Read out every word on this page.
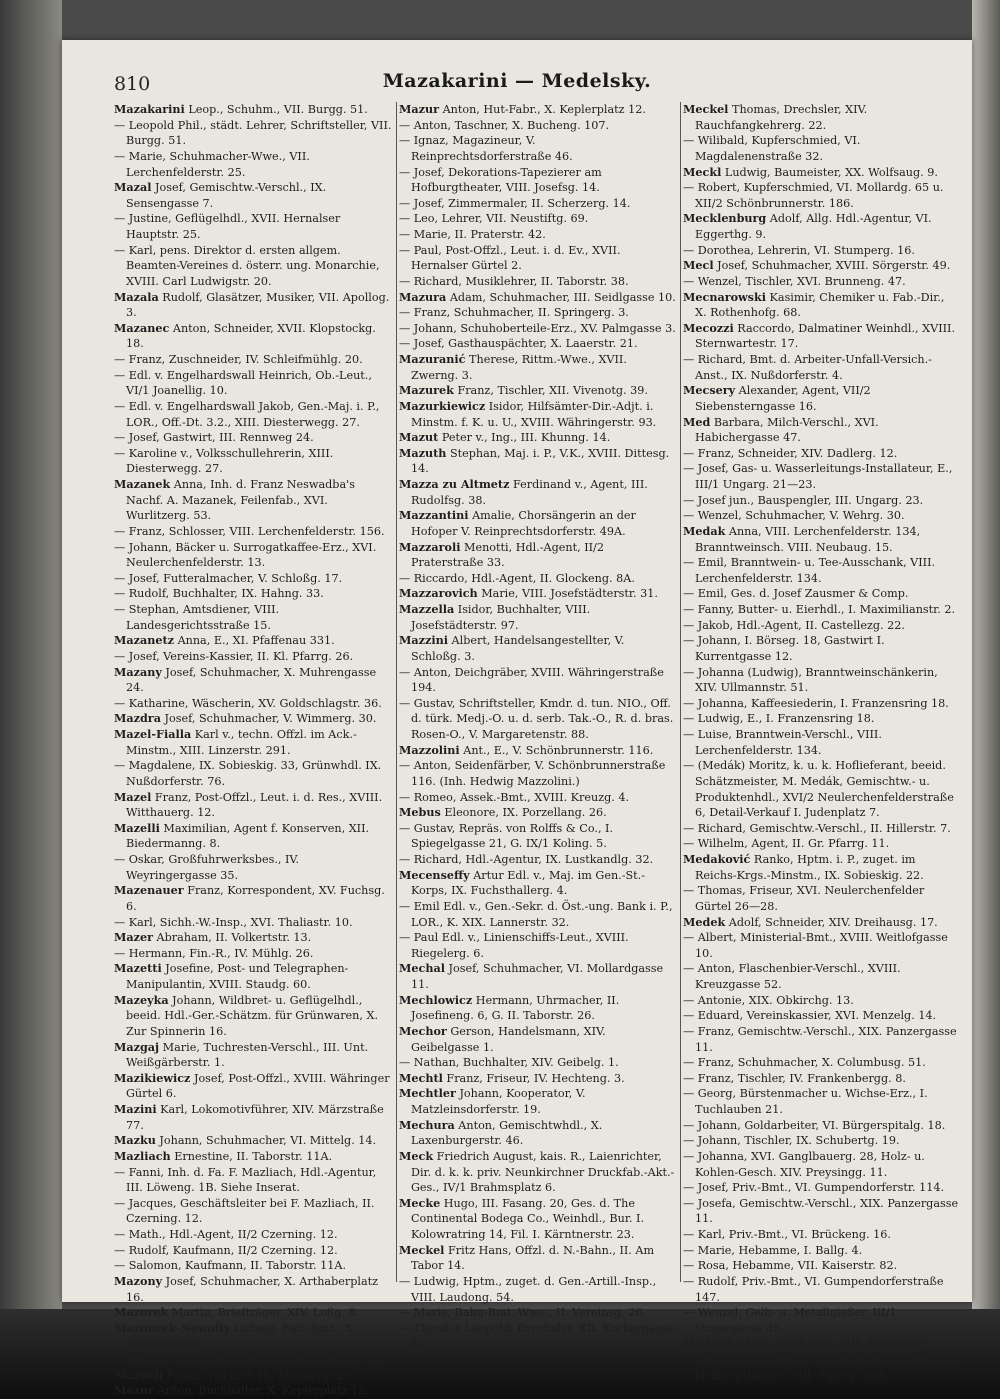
810	Mazakarini — Medelsky.

Mazakarini Leop., Schuhm., VII. Burgg. 51.

— Leopold Phil., städt. Lehrer, Schriftsteller, VII. Burgg. 51.

— Marie, Schuhmacher-Wwe., VII. Lerchenfelderstr. 25.

Mazal Josef, Gemischtw.-Verschl., IX. Sensengasse 7.

— Justine, Geflügelhdl., XVII. Hernalser Hauptstr. 25.

— Karl, pens. Direktor d. ersten allgem. Beamten-Vereines d. österr. ung. Monarchie, XVIII. Carl Ludwigstr. 20.

Mazala Rudolf, Glasätzer, Musiker, VII. Apollog. 3.

Mazanec Anton, Schneider, XVII. Klopstockg. 18.

— Franz, Zuschneider, IV. Schleifmühlg. 20.

— Edl. v. Engelhardswall Heinrich, Ob.-Leut., VI/1 Joanellig. 10.

— Edl. v. Engelhardswall Jakob, Gen.-Maj. i. P., LOR., Off.-Dt. 3.2., XIII. Diesterwegg. 27.

— Josef, Gastwirt, III. Rennweg 24.

— Karoline v., Volksschullehrerin, XIII. Diesterwegg. 27.

Mazanek Anna, Inh. d. Franz Neswadba's Nachf. A. Mazanek, Feilenfab., XVI. Wurlitzerg. 53.

— Franz, Schlosser, VIII. Lerchenfelderstr. 156.

— Johann, Bäcker u. Surrogatkaffee-Erz., XVI. Neulerchenfelderstr. 13.

— Josef, Futteralmacher, V. Schloßg. 17.

— Rudolf, Buchhalter, IX. Hahng. 33.

— Stephan, Amtsdiener, VIII. Landesgerichtsstraße 15.

Mazanetz Anna, E., XI. Pfaffenau 331.

— Josef, Vereins-Kassier, II. Kl. Pfarrg. 26.

Mazany Josef, Schuhmacher, X. Muhrengasse 24.

— Katharine, Wäscherin, XV. Goldschlagstr. 36.

Mazdra Josef, Schuhmacher, V. Wimmerg. 30.

Mazel-Fialla Karl v., techn. Offzl. im Ack.-Minstm., XIII. Linzerstr. 291.

— Magdalene, IX. Sobieskig. 33, Grünwhdl. IX. Nußdorferstr. 76.

Mazel Franz, Post-Offzl., Leut. i. d. Res., XVIII. Witthauerg. 12.

Mazelli Maximilian, Agent f. Konserven, XII. Biedermanng. 8.

— Oskar, Großfuhrwerksbes., IV. Weyringergasse 35.

Mazenauer Franz, Korrespondent, XV. Fuchsg. 6.

— Karl, Sichh.-W.-Insp., XVI. Thaliastr. 10.

Mazer Abraham, II. Volkertstr. 13.

— Hermann, Fin.-R., IV. Mühlg. 26.

Mazetti Josefine, Post- und Telegraphen-Manipulantin, XVIII. Staudg. 60.

Mazeyka Johann, Wildbret- u. Geflügelhdl., beeid. Hdl.-Ger.-Schätzm. für Grünwaren, X. Zur Spinnerin 16.

Mazgaj Marie, Tuchresten-Verschl., III. Unt. Weißgärberstr. 1.

Mazikiewicz Josef, Post-Offzl., XVIII. Währinger Gürtel 6.

Mazini Karl, Lokomotivführer, XIV. Märzstraße 77.

Mazku Johann, Schuhmacher, VI. Mittelg. 14.

Mazliach Ernestine, II. Taborstr. 11A.

— Fanni, Inh. d. Fa. F. Mazliach, Hdl.-Agentur, III. Löweng. 1B. Siehe Inserat.

— Jacques, Geschäftsleiter bei F. Mazliach, II. Czerning. 12.

— Math., Hdl.-Agent, II/2 Czerning. 12.

— Rudolf, Kaufmann, II/2 Czerning. 12.

— Salomon, Kaufmann, II. Taborstr. 11A.

Mazony Josef, Schuhmacher, X. Arthaberplatz 16.

Mazorek Martin, Briefträger, XIV. Loßg. 8.

Mazourek-Newolly Ludwig, Fab.-Bmt., X. Steffleurg 13.

— Rudolf, Gemischtw.-Verschl., XIII. Gurkg. 30.

Mazuch Franz, Tischler, IX. Müllnerg. 25.

Mazur Anton, Buchhalter, X. Keplerplatz 12.

Mazur Anton, Hut-Fabr., X. Keplerplatz 12.

— Anton, Taschner, X. Bucheng. 107.

— Ignaz, Magazineur, V. Reinprechtsdorferstraße 46.

— Josef, Dekorations-Tapezierer am Hofburgtheater, VIII. Josefsg. 14.

— Josef, Zimmermaler, II. Scherzerg. 14.

— Leo, Lehrer, VII. Neustiftg. 69.

— Marie, II. Praterstr. 42.

— Paul, Post-Offzl., Leut. i. d. Ev., XVII. Hernalser Gürtel 2.

— Richard, Musiklehrer, II. Taborstr. 38.

Mazura Adam, Schuhmacher, III. Seidlgasse 10.

— Franz, Schuhmacher, II. Springerg. 3.

— Johann, Schuhoberteile-Erz., XV. Palmgasse 3.

— Josef, Gasthauspächter, X. Laaerstr. 21.

Mazuranić Therese, Rittm.-Wwe., XVII. Zwerng. 3.

Mazurek Franz, Tischler, XII. Vivenotg. 39.

Mazurkiewicz Isidor, Hilfsämter-Dir.-Adjt. i. Minstm. f. K. u. U., XVIII. Währingerstr. 93.

Mazut Peter v., Ing., III. Khunng. 14.

Mazuth Stephan, Maj. i. P., V.K., XVIII. Dittesg. 14.

Mazza zu Altmetz Ferdinand v., Agent, III. Rudolfsg. 38.

Mazzantini Amalie, Chorsängerin an der Hofoper V. Reinprechtsdorferstr. 49A.

Mazzaroli Menotti, Hdl.-Agent, II/2 Praterstraße 33.

— Riccardo, Hdl.-Agent, II. Glockeng. 8A.

Mazzarovich Marie, VIII. Josefstädterstr. 31.

Mazzella Isidor, Buchhalter, VIII. Josefstädterstr. 97.

Mazzini Albert, Handelsangestellter, V. Schloßg. 3.

— Anton, Deichgräber, XVIII. Währingerstraße 194.

— Gustav, Schriftsteller, Kmdr. d. tun. NIO., Off. d. türk. Medj.-O. u. d. serb. Tak.-O., R. d. bras. Rosen-O., V. Margaretenstr. 88.

Mazzolini Ant., E., V. Schönbrunnerstr. 116.

— Anton, Seidenfärber, V. Schönbrunnerstraße 116. (Inh. Hedwig Mazzolini.)

— Romeo, Assek.-Bmt., XVIII. Kreuzg. 4.

Mebus Eleonore, IX. Porzellang. 26.

— Gustav, Repräs. von Rolffs & Co., I. Spiegelgasse 21, G. IX/1 Koling. 5.

— Richard, Hdl.-Agentur, IX. Lustkandlg. 32.

Mecenseffy Artur Edl. v., Maj. im Gen.-St.-Korps, IX. Fuchsthallerg. 4.

— Emil Edl. v., Gen.-Sekr. d. Öst.-ung. Bank i. P., LOR., K. XIX. Lannerstr. 32.

— Paul Edl. v., Linienschiffs-Leut., XVIII. Riegelerg. 6.

Mechal Josef, Schuhmacher, VI. Mollardgasse 11.

Mechlowicz Hermann, Uhrmacher, II. Josefineng. 6, G. II. Taborstr. 26.

Mechor Gerson, Handelsmann, XIV. Geibelgasse 1.

— Nathan, Buchhalter, XIV. Geibelg. 1.

Mechtl Franz, Friseur, IV. Hechteng. 3.

Mechtler Johann, Kooperator, V. Matzleinsdorferstr. 19.

Mechura Anton, Gemischtwhdl., X. Laxenburgerstr. 46.

Meck Friedrich August, kais. R., Laienrichter, Dir. d. k. k. priv. Neunkirchner Druckfab.-Akt.-Ges., IV/1 Brahmsplatz 6.

Mecke Hugo, III. Fasang. 20, Ges. d. The Continental Bodega Co., Weinhdl., Bur. I. Kolowratring 14, Fil. I. Kärntnerstr. 23.

Meckel Fritz Hans, Offzl. d. N.-Bahn., II. Am Tabor 14.

— Ludwig, Hptm., zuget. d. Gen.-Artill.-Insp., VIII. Laudong. 54.

— Marie, Bahn-Bmt.-Wwe., II. Vereinsg. 26.

— Theodor Leopold, Drechsler, XII. Korbergasse 8.

Meckel Thomas, Drechsler, XIV. Rauchfangkehrerg. 22.

— Wilibald, Kupferschmied, VI. Magdalenenstraße 32.

Meckl Ludwig, Baumeister, XX. Wolfsaug. 9.

— Robert, Kupferschmied, VI. Mollardg. 65 u. XII/2 Schönbrunnerstr. 186.

Mecklenburg Adolf, Allg. Hdl.-Agentur, VI. Eggerthg. 9.

— Dorothea, Lehrerin, VI. Stumperg. 16.

Mecl Josef, Schuhmacher, XVIII. Sörgerstr. 49.

— Wenzel, Tischler, XVI. Brunneng. 47.

Mecnarowski Kasimir, Chemiker u. Fab.-Dir., X. Rothenhofg. 68.

Mecozzi Raccordo, Dalmatiner Weinhdl., XVIII. Sternwartestr. 17.

— Richard, Bmt. d. Arbeiter-Unfall-Versich.-Anst., IX. Nußdorferstr. 4.

Mecsery Alexander, Agent, VII/2 Siebensterngasse 16.

Med Barbara, Milch-Verschl., XVI. Habichergasse 47.

— Franz, Schneider, XIV. Dadlerg. 12.

— Josef, Gas- u. Wasserleitungs-Installateur, E., III/1 Ungarg. 21—23.

— Josef jun., Bauspengler, III. Ungarg. 23.

— Wenzel, Schuhmacher, V. Wehrg. 30.

Medak Anna, VIII. Lerchenfelderstr. 134, Branntweinsch. VIII. Neubaug. 15.

— Emil, Branntwein- u. Tee-Ausschank, VIII. Lerchenfelderstr. 134.

— Emil, Ges. d. Josef Zausmer & Comp.

— Fanny, Butter- u. Eierhdl., I. Maximilianstr. 2.

— Jakob, Hdl.-Agent, II. Castellezg. 22.

— Johann, I. Börseg. 18, Gastwirt I. Kurrentgasse 12.

— Johanna (Ludwig), Branntweinschänkerin, XIV. Ullmannstr. 51.

— Johanna, Kaffeesiederin, I. Franzensring 18.

— Ludwig, E., I. Franzensring 18.

— Luise, Branntwein-Verschl., VIII. Lerchenfelderstr. 134.

— (Medák) Moritz, k. u. k. Hoflieferant, beeid. Schätzmeister, M. Medák, Gemischtw.- u. Produktenhdl., XVI/2 Neulerchenfelderstraße 6, Detail-Verkauf I. Judenplatz 7.

— Richard, Gemischtw.-Verschl., II. Hillerstr. 7.

— Wilhelm, Agent, II. Gr. Pfarrg. 11.

Medaković Ranko, Hptm. i. P., zuget. im Reichs-Krgs.-Minstm., IX. Sobieskig. 22.

— Thomas, Friseur, XVI. Neulerchenfelder Gürtel 26—28.

Medek Adolf, Schneider, XIV. Dreihausg. 17.

— Albert, Ministerial-Bmt., XVIII. Weitlofgasse 10.

— Anton, Flaschenbier-Verschl., XVIII. Kreuzgasse 52.

— Antonie, XIX. Obkirchg. 13.

— Eduard, Vereinskassier, XVI. Menzelg. 14.

— Franz, Gemischtw.-Verschl., XIX. Panzergasse 11.

— Franz, Schuhmacher, X. Columbusg. 51.

— Franz, Tischler, IV. Frankenbergg. 8.

— Georg, Bürstenmacher u. Wichse-Erz., I. Tuchlauben 21.

— Johann, Goldarbeiter, VI. Bürgerspitalg. 18.

— Johann, Tischler, IX. Schubertg. 19.

— Johanna, XVI. Ganglbauerg. 28, Holz- u. Kohlen-Gesch. XIV. Preysingg. 11.

— Josef, Priv.-Bmt., VI. Gumpendorferstr. 114.

— Josefa, Gemischtw.-Verschl., XIX. Panzergasse 11.

— Karl, Priv.-Bmt., VI. Brückeng. 16.

— Marie, Hebamme, I. Ballg. 4.

— Rosa, Hebamme, VII. Kaiserstr. 82.

— Rudolf, Priv.-Bmt., VI. Gumpendorferstraße 147.

— Wenzel, Gelb- u. Metallgießer, III/1 Ungargasse 45.

Medelsky Karl, Bildhauer, XIII. Ameisg. 7.

— (Frank) Karoline, k. u. k. Hofschauspielerin a. Hofburgtheater, VIII. Tigerg. 33A.
